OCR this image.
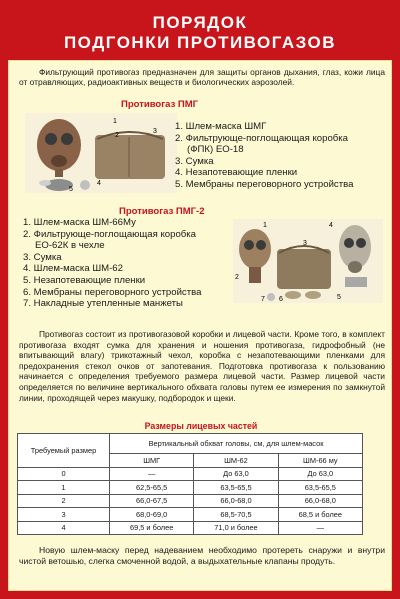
ПОРЯДОК
ПОДГОНКИ ПРОТИВОГАЗОВ

Фильтрующий противогаз предназначен для защиты органов дыхания, глаз, кожи лица от отравляющих, радиоактивных веществ и биологических аэрозолей.

Противогаз ПМГ
1
2
3
4
5
1. Шлем-маска ШМГ
2. Фильтрующе-поглощающая коробка
(ФПК) ЕО-18
3. Сумка
4. Незапотевающие пленки
5. Мембраны переговорного устройства
Противогаз ПМГ-2
1. Шлем-маска ШМ-66Му
2. Фильтрующе-поглощающая коробка
ЕО-62К в чехле
3. Сумка
4. Шлем-маска ШМ-62
5. Незапотевающие пленки
6. Мембраны переговорного устройства
7. Накладные утепленные манжеты
1
3
4
2
7 6	5

Противогаз состоит из противогазовой коробки и лицевой части. Кроме того, в комплект противогаза входят сумка для хранения и ношения противогаза, гидрофобный (не впитывающий влагу) трикотажный чехол, коробка с незапотевающими пленками для предохранения стекол очков от запотевания. Подготовка противогаза к пользованию начинается с определения требуемого размера лицевой части. Размер лицевой части определяется по величине вертикального обхвата головы путем ее измерения по замкнутой линии, проходящей через макушку, подбородок и щеки.

Размеры лицевых частей
Требуемый размер	Вертикальный обхват головы, см, для шлем-масок		
	ШМГ	ШМ-62	ШМ-66 му
0	—	До 63,0	До 63,0
1	62,5-65,5	63,5-65,5	63,5-65,5
2	66,0-67,5	66,0-68,0	66,0-68,0
3	68,0-69,0	68,5-70,5	68,5 и более
4	69,5 и более	71,0 и более	—

Новую шлем-маску перед надеванием необходимо протереть снаружи и внутри чистой ветошью, слегка смоченной водой, а выдыхательные клапаны продуть.
